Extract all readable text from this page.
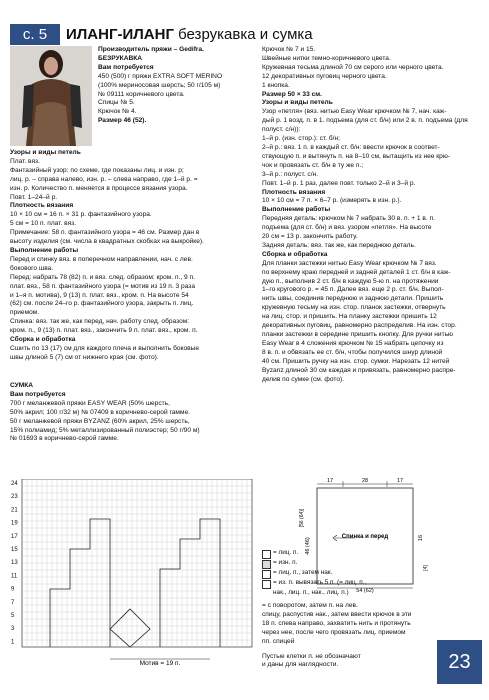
с. 5	ИЛАНГ-ИЛАНГ безрукавка и сумка
Производитель пряжи – Gedifra.
БЕЗРУКАВКА
Вам потребуется
450 (500) г пряжи EXTRA SOFT MERINO
(100% мериносовая шерсть; 50 г/105 м)
№ 09111 коричневого цвета.
Спицы № 5.
Крючок № 4.
Размер 46 (52).
Узоры и виды петель
Плат. вяз.
Фантазийный узор: по схеме, где показаны лиц. и изн. р;
лиц. р. – справа налево, изн. р. – слева направо, где 1–й р. =
изн. р. Количество п. меняется в процессе вязания узора.
Повт. 1–24–й р.
Плотность вязания
10 × 10 см = 16 п. × 31 р. фантазийного узора.
5 см = 10 п. плат. вяз.
Примечание: 58 п. фантазийного узора = 46 см. Размер дан в
высоту изделия (см. числа в квадратных скобках на выкройке).
Выполнение работы
Перед и спинку вяз. в поперечном направлении, нач. с лев.
бокового шва.
Перед: набрать 78 (82) п. и вяз. след. образом: кром. п., 9 п.
плат. вяз., 58 п. фантазийного узора (= мотив из 19 п. 3 раза
и 1–я п. мотива), 9 (13) п. плат. вяз., кром. п. На высоте 54
(62) см. после 24–го р. фантазийного узора, закрыть п. лиц.
приемом.
Спинка: вяз. так же, как перед, нач. работу след. образом:
кром. п., 9 (13) п. плат. вяз., закончить 9 п. плат. вяз., кром. п.
Сборка и обработка
Сшить по 13 (17) см для каждого плеча и выполнить боковые
швы длиной 5 (7) см от нижнего края (см. фото).
СУМКА
Вам потребуется
700 г меланжевой пряжи EASY WEAR (50% шерсть,
50% акрил; 100 г/32 м) № 07409 в коричнево-серой гамме.
50 г меланжевой пряжи BYZANZ (60% акрил, 25% шерсть,
15% полиамид; 5% металлизированный полиэстер; 50 г/90 м)
№ 01693 в коричнево-серой гамме.
Крючок № 7 и 15.
Швейные нитки темно-коричневого цвета.
Кружевная тесьма длиной 70 см серого или черного цвета.
12 декоративных пуговиц черного цвета.
1 кнопка.
Размер 50 × 33 см.
Узоры и виды петель
Узор «петля» (вяз. нитью Easy Wear крючком № 7, нач. каж-
дый р. 1 возд. п. в 1. подъема (для ст. б/н) или 2 в. п. подъема (для
полуст. с/н)):
1–й р. (изн. стор.): ст. б/н;
2–й р.: вяз. 1 п. в каждый ст. б/н: ввести крючок в соответ-
ствующую п. и вытянуть п. на 8–10 см, вытащить из нее крю-
чок и провязать ст. б/н в ту же п.;
3–й р.: полуст. с/н.
Повт. 1–й р. 1 раз, далее повт. только 2–й и 3–й р.
Плотность вязания
10 × 10 см = 7 п. × 6–7 р. (измерять в изн. р.).
Выполнение работы
Передняя деталь: крючком № 7 набрать 30 в. п. + 1 в. п.
подъема (для ст. б/н) и вяз. узором «петля». На высоте
20 см = 13 р. закончить работу.
Задняя деталь: вяз. так же, как переднюю деталь.
Сборка и обработка
Для планки застежки нитью Easy Wear крючком № 7 вяз.
по верхнему краю передней и задней деталей 1 ст. б/н в каж-
дую п., выполнив 2 ст. б/н в каждую 5-ю п. на протяжении
1–го кругового р. = 45 п. Далее вяз. еще 2 р. ст. б/н. Выпол-
нить швы, соединив переднюю и заднюю детали. Пришить
кружевную тесьму на изн. стор. планок застежки, отвернуть
на лиц. стор. и пришить. На планку застежки пришить 12
декоративных пуговиц, равномерно распределив. На изн. стор.
планки застежки в середине пришить кнопку. Для ручки нитью
Easy Wear в 4 сложения крючком № 15 набрать цепочку из
8 в. п. и обвязать ее ст. б/н, чтобы получился шнур длиной
40 см. Пришить ручку на изн. стор. сумки. Нарезать 12 нитей
Byzanz длиной 30 см каждая и привязать, равномерно распре-
делив по сумке (см. фото).
24
23
21
19
17
15
13
11
9
7
5
3
1
Мотив = 19 п.
17	28	17
Спинка и перед
46 (46)
[56 (64)]
16
[4]
54 (62)
= лиц. п.
= изн. п.
= лиц. п., затем нак.
= из. п. вывязать 5 п. (= лиц. п.,
нак., лиц. п., нак., лиц. п.)
= с поворотом, затем п. на лев.
спицу, распустив нак., затем ввести крючок в эти
18 п. спева направо, захватить нить и протянуть
через нее, после чего провязать лиц. приемом
пп. спицей
Пустые клетки п. не обозначают
и даны для наглядности.	23
